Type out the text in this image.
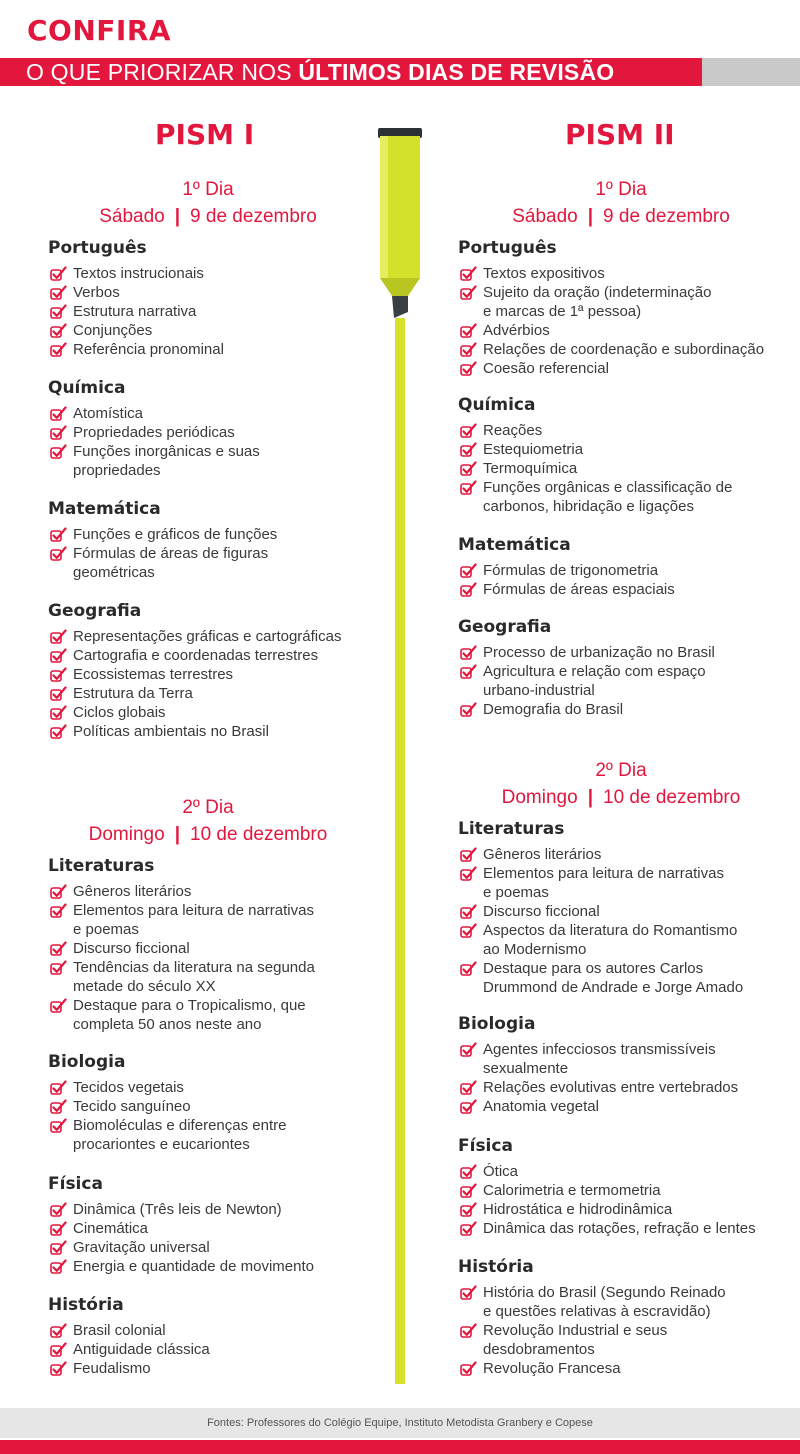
CONFIRA
O QUE PRIORIZAR NOS ÚLTIMOS DIAS DE REVISÃO
PISM I
1º Dia
Sábado | 9 de dezembro
Português
Textos instrucionais
Verbos
Estrutura narrativa
Conjunções
Referência pronominal
Química
Atomística
Propriedades periódicas
Funções inorgânicas e suas
propriedades
Matemática
Funções e gráficos de funções
Fórmulas de áreas de figuras
geométricas
Geografia
Representações gráficas e cartográficas
Cartografia e coordenadas terrestres
Ecossistemas terrestres
Estrutura da Terra
Ciclos globais
Políticas ambientais no Brasil
2º Dia
Domingo | 10 de dezembro
Literaturas
Gêneros literários
Elementos para leitura de narrativas
e poemas
Discurso ficcional
Tendências da literatura na segunda
metade do século XX
Destaque para o Tropicalismo, que
completa 50 anos neste ano
Biologia
Tecidos vegetais
Tecido sanguíneo
Biomoléculas e diferenças entre
procariontes e eucariontes
Física
Dinâmica (Três leis de Newton)
Cinemática
Gravitação universal
Energia e quantidade de movimento
História
Brasil colonial
Antiguidade clássica
Feudalismo
PISM II
1º Dia
Sábado | 9 de dezembro
Português
Textos expositivos
Sujeito da oração (indeterminação
e marcas de 1ª pessoa)
Advérbios
Relações de coordenação e subordinação
Coesão referencial
Química
Reações
Estequiometria
Termoquímica
Funções orgânicas e classificação de
carbonos, hibridação e ligações
Matemática
Fórmulas de trigonometria
Fórmulas de áreas espaciais
Geografia
Processo de urbanização no Brasil
Agricultura e relação com espaço
urbano-industrial
Demografia do Brasil
2º Dia
Domingo | 10 de dezembro
Literaturas
Gêneros literários
Elementos para leitura de narrativas
e poemas
Discurso ficcional
Aspectos da literatura do Romantismo
ao Modernismo
Destaque para os autores Carlos
Drummond de Andrade e Jorge Amado
Biologia
Agentes infecciosos transmissíveis
sexualmente
Relações evolutivas entre vertebrados
Anatomia vegetal
Física
Ótica
Calorimetria e termometria
Hidrostática e hidrodinâmica
Dinâmica das rotações, refração e lentes
História
História do Brasil (Segundo Reinado
e questões relativas à escravidão)
Revolução Industrial e seus
desdobramentos
Revolução Francesa
Fontes: Professores do Colégio Equipe, Instituto Metodista Granbery e Copese
